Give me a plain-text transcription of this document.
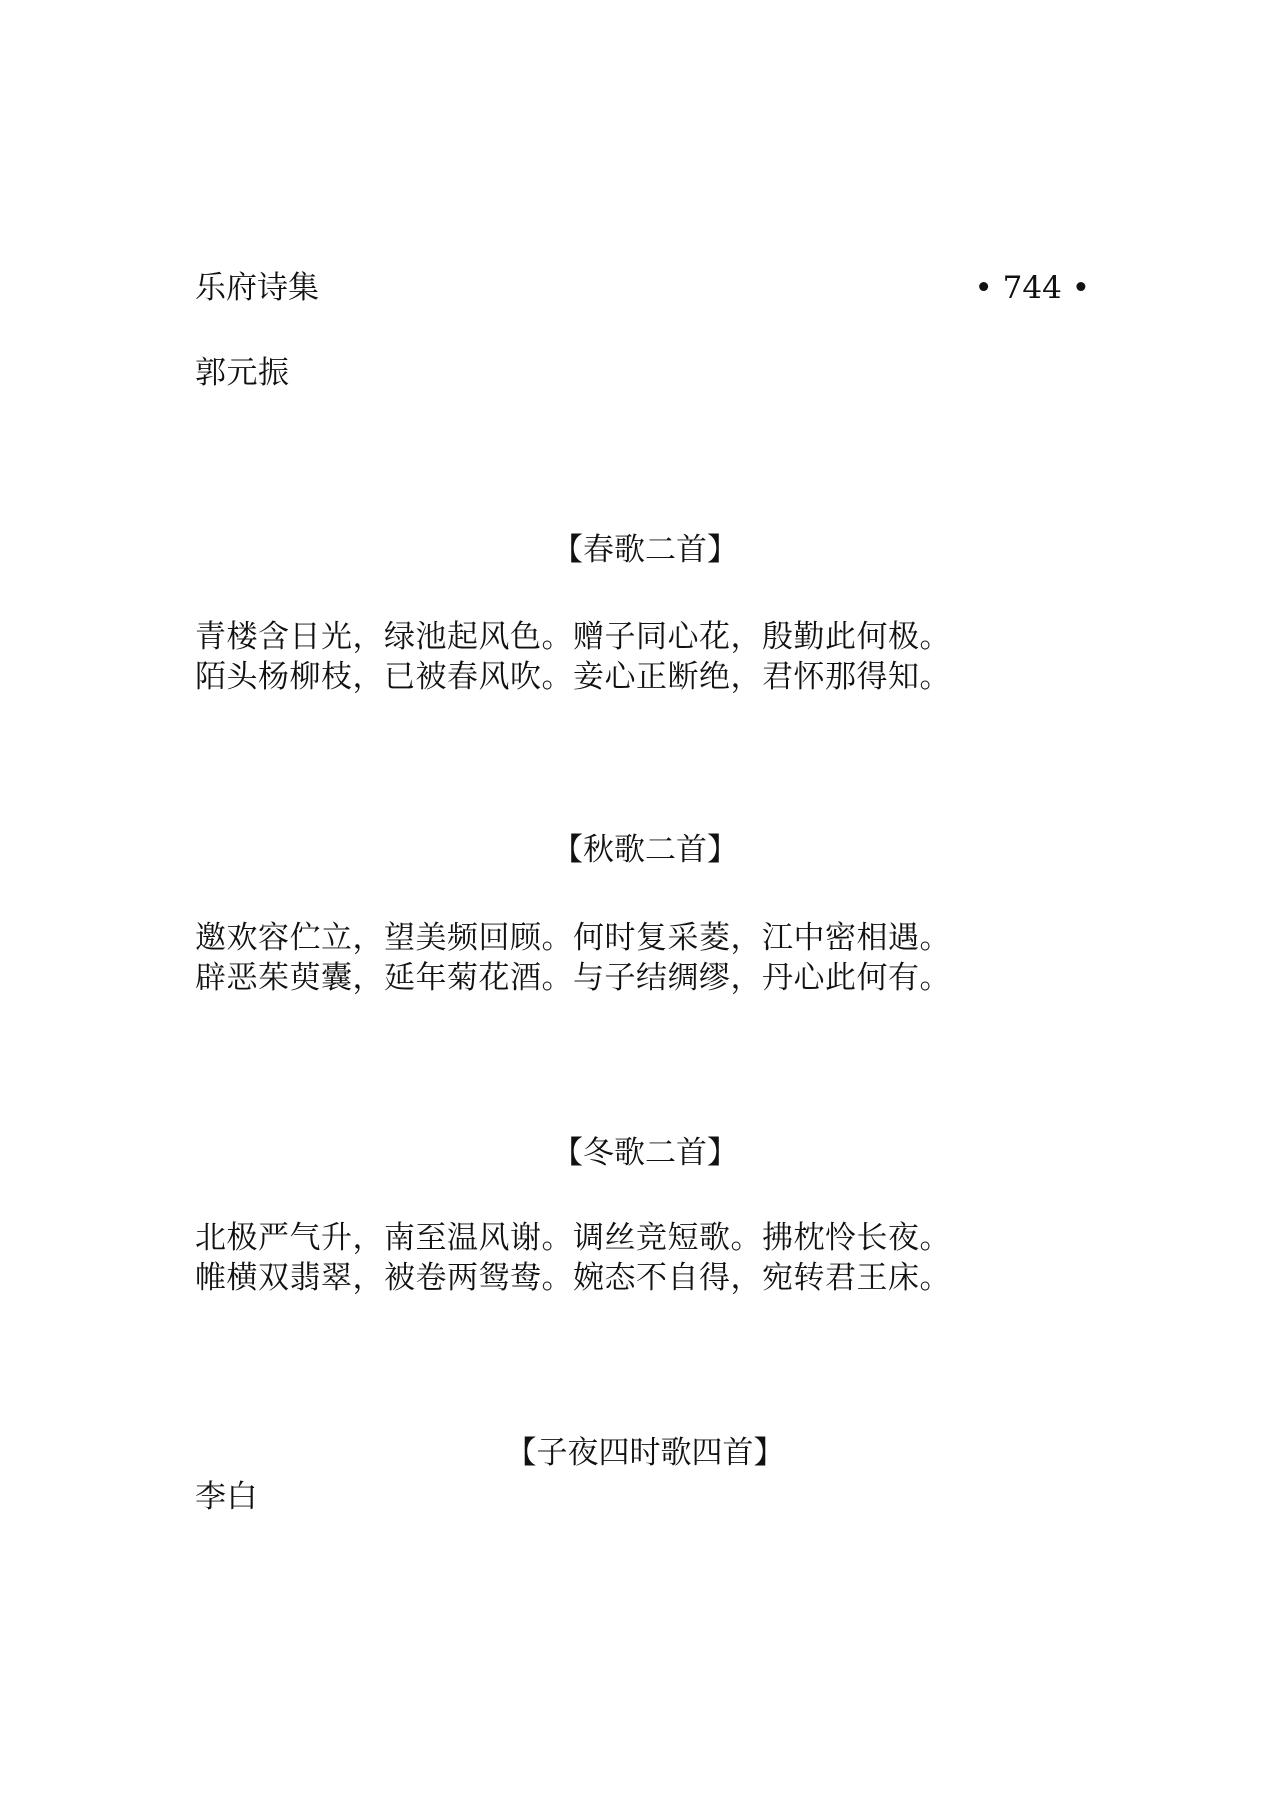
乐府诗集	• 744 •
郭元振
【春歌二首】
青楼含日光，绿池起风色。赠子同心花，殷勤此何极。
陌头杨柳枝，已被春风吹。妾心正断绝，君怀那得知。
【秋歌二首】
邀欢容伫立，望美频回顾。何时复采菱，江中密相遇。
辟恶茱萸囊，延年菊花酒。与子结绸缪，丹心此何有。
【冬歌二首】
北极严气升，南至温风谢。调丝竞短歌。拂枕怜长夜。
帷横双翡翠，被卷两鸳鸯。婉态不自得，宛转君王床。
【子夜四时歌四首】
李白
